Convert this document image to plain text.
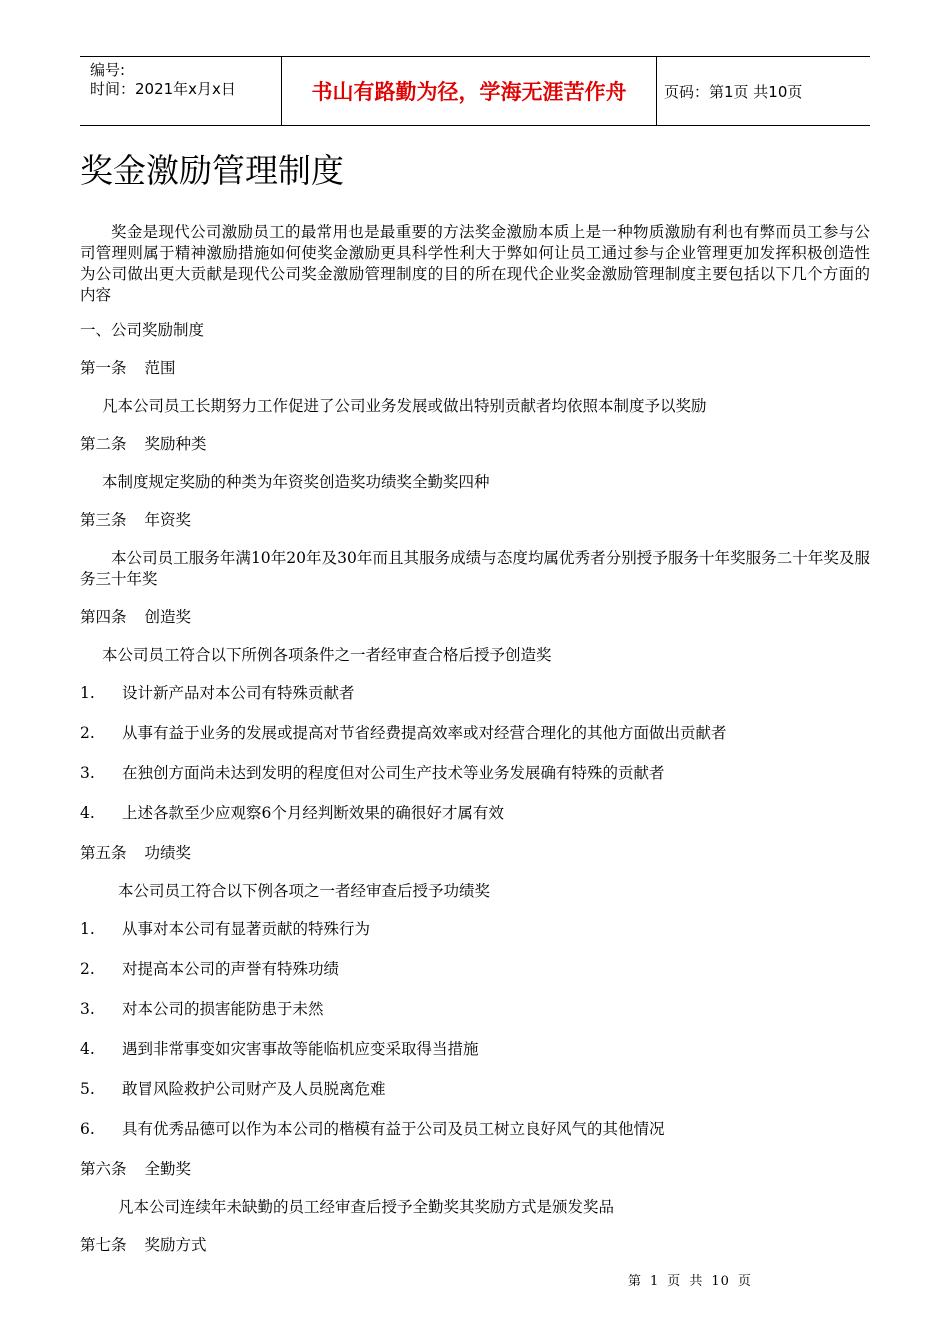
编号:
时间：2021年x月x日	书山有路勤为径，学海无涯苦作舟	页码：第1页 共10页
奖金激励管理制度

奖金是现代公司激励员工的最常用也是最重要的方法奖金激励本质上是一种物质激励有利也有弊而员工参与公司管理则属于精神激励措施如何使奖金激励更具科学性利大于弊如何让员工通过参与企业管理更加发挥积极创造性为公司做出更大贡献是现代公司奖金激励管理制度的目的所在现代企业奖金激励管理制度主要包括以下几个方面的内容

一、公司奖励制度

第一条 范围

凡本公司员工长期努力工作促进了公司业务发展或做出特别贡献者均依照本制度予以奖励

第二条 奖励种类

本制度规定奖励的种类为年资奖创造奖功绩奖全勤奖四种

第三条 年资奖

本公司员工服务年满10年20年及30年而且其服务成绩与态度均属优秀者分别授予服务十年奖服务二十年奖及服务三十年奖

第四条 创造奖

本公司员工符合以下所例各项条件之一者经审查合格后授予创造奖

1.	设计新产品对本公司有特殊贡献者
2.	从事有益于业务的发展或提高对节省经费提高效率或对经营合理化的其他方面做出贡献者
3.	在独创方面尚未达到发明的程度但对公司生产技术等业务发展确有特殊的贡献者
4.	上述各款至少应观察6个月经判断效果的确很好才属有效

第五条 功绩奖

本公司员工符合以下例各项之一者经审查后授予功绩奖

1.	从事对本公司有显著贡献的特殊行为
2.	对提高本公司的声誉有特殊功绩
3.	对本公司的损害能防患于未然
4.	遇到非常事变如灾害事故等能临机应变采取得当措施
5.	敢冒风险救护公司财产及人员脱离危难
6.	具有优秀品德可以作为本公司的楷模有益于公司及员工树立良好风气的其他情况

第六条 全勤奖

凡本公司连续年未缺勤的员工经审查后授予全勤奖其奖励方式是颁发奖品

第七条 奖励方式

第 1 页 共 10 页
